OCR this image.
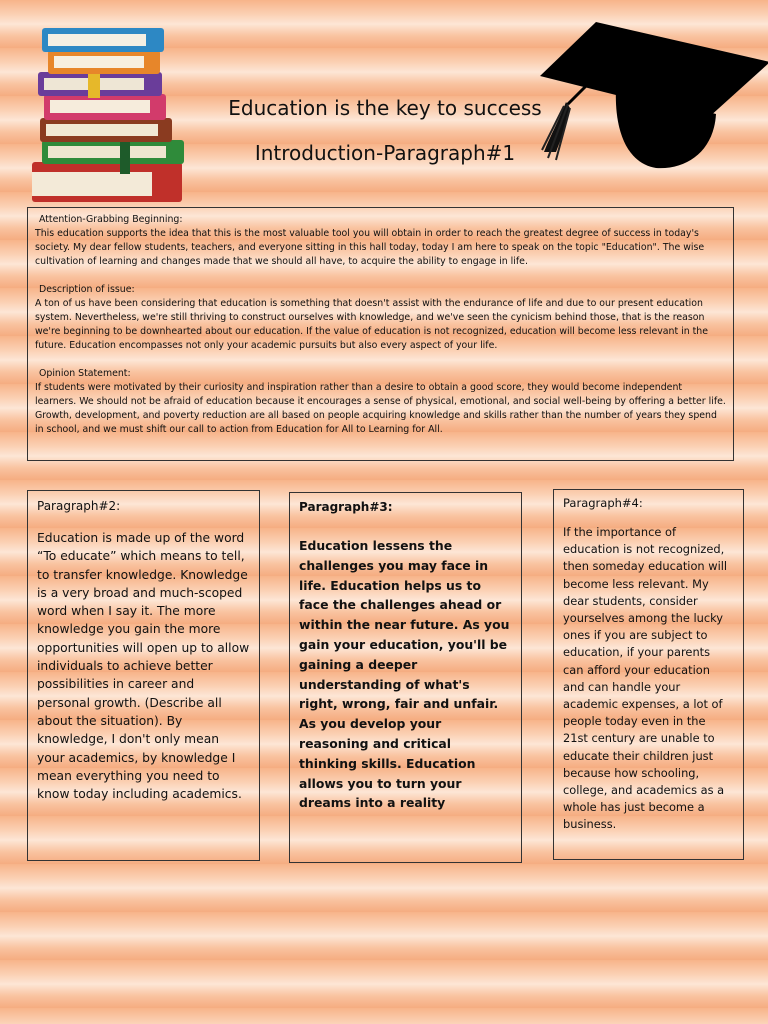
Education is the key to success
Introduction-Paragraph#1
Attention-Grabbing Beginning:
This education supports the idea that this is the most valuable tool you will obtain in order to reach the greatest degree of success in today's society. My dear fellow students, teachers, and everyone sitting in this hall today, today I am here to speak on the topic "Education". The wise cultivation of learning and changes made that we should all have, to acquire the ability to engage in life.
Description of issue:
A ton of us have been considering that education is something that doesn't assist with the endurance of life and due to our present education system. Nevertheless, we're still thriving to construct ourselves with knowledge, and we've seen the cynicism behind those, that is the reason we're beginning to be downhearted about our education. If the value of education is not recognized, education will become less relevant in the future. Education encompasses not only your academic pursuits but also every aspect of your life.
Opinion Statement:
If students were motivated by their curiosity and inspiration rather than a desire to obtain a good score, they would become independent learners. We should not be afraid of education because it encourages a sense of physical, emotional, and social well-being by offering a better life. Growth, development, and poverty reduction are all based on people acquiring knowledge and skills rather than the number of years they spend in school, and we must shift our call to action from Education for All to Learning for All.
Paragraph#2:
Education is made up of the word “To educate” which means to tell, to transfer knowledge. Knowledge is a very broad and much-scoped word when I say it. The more knowledge you gain the more opportunities will open up to allow individuals to achieve better possibilities in career and personal growth. (Describe all about the situation). By knowledge, I don't only mean your academics, by knowledge I mean everything you need to know today including academics.
Paragraph#3:
Education lessens the challenges you may face in life. Education helps us to face the challenges ahead or within the near future. As you gain your education, you'll be gaining a deeper understanding of what's right, wrong, fair and unfair. As you develop your reasoning and critical thinking skills. Education allows you to turn your dreams into a reality
Paragraph#4:
If the importance of education is not recognized, then someday education will become less relevant. My dear students, consider yourselves among the lucky ones if you are subject to education, if your parents can afford your education and can handle your academic expenses, a lot of people today even in the 21st century are unable to educate their children just because how schooling, college, and academics as a whole has just become a business.
